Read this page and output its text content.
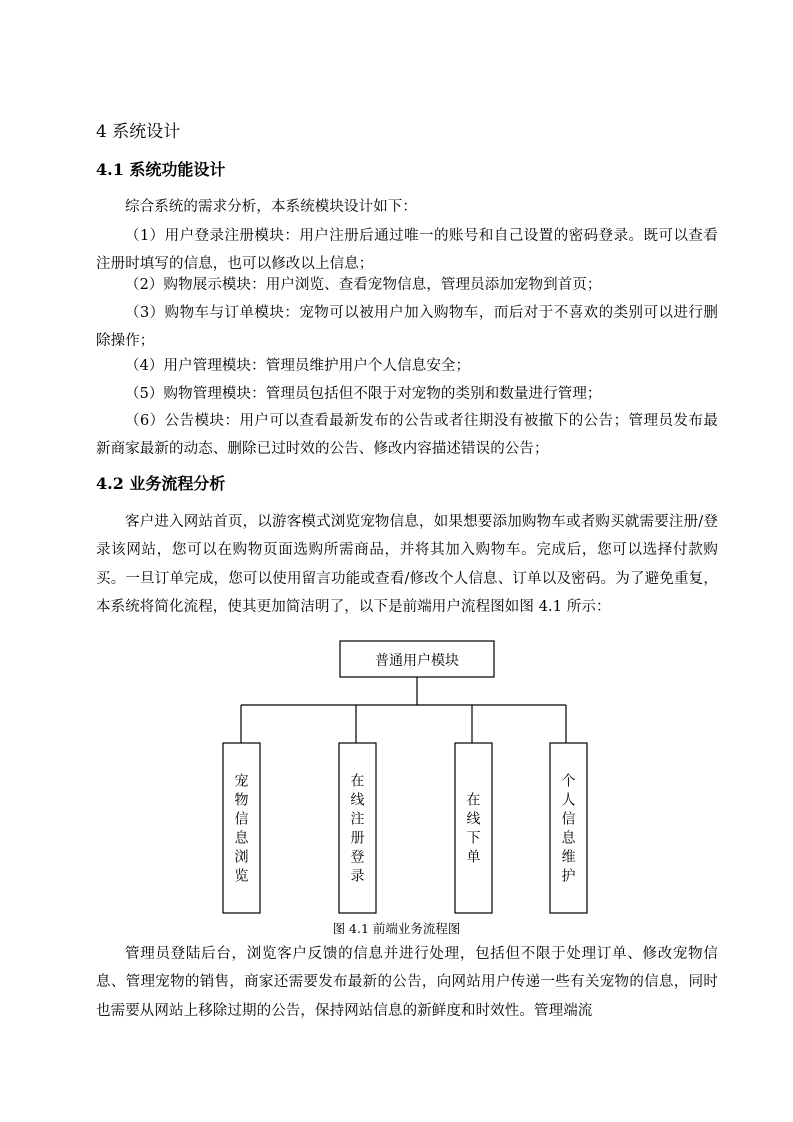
4 系统设计
4.1 系统功能设计

综合系统的需求分析，本系统模块设计如下：

（1）用户登录注册模块：用户注册后通过唯一的账号和自己设置的密码登录。既可以查看注册时填写的信息，也可以修改以上信息；

（2）购物展示模块：用户浏览、查看宠物信息，管理员添加宠物到首页；

（3）购物车与订单模块：宠物可以被用户加入购物车，而后对于不喜欢的类别可以进行删除操作；

（4）用户管理模块：管理员维护用户个人信息安全；

（5）购物管理模块：管理员包括但不限于对宠物的类别和数量进行管理；

（6）公告模块：用户可以查看最新发布的公告或者往期没有被撤下的公告；管理员发布最新商家最新的动态、删除已过时效的公告、修改内容描述错误的公告；

4.2 业务流程分析

客户进入网站首页，以游客模式浏览宠物信息，如果想要添加购物车或者购买就需要注册/登录该网站，您可以在购物页面选购所需商品，并将其加入购物车。完成后，您可以选择付款购买。一旦订单完成，您可以使用留言功能或查看/修改个人信息、订单以及密码。为了避免重复，本系统将简化流程，使其更加简洁明了，以下是前端用户流程图如图 4.1 所示：

普通用户模块
宠
物
信
息
浏
览
在
线
注
册
登
录
在
线
下
单
个
人
信
息
维
护
图 4.1 前端业务流程图

管理员登陆后台，浏览客户反馈的信息并进行处理，包括但不限于处理订单、修改宠物信息、管理宠物的销售，商家还需要发布最新的公告，向网站用户传递一些有关宠物的信息，同时也需要从网站上移除过期的公告，保持网站信息的新鲜度和时效性。管理端流
